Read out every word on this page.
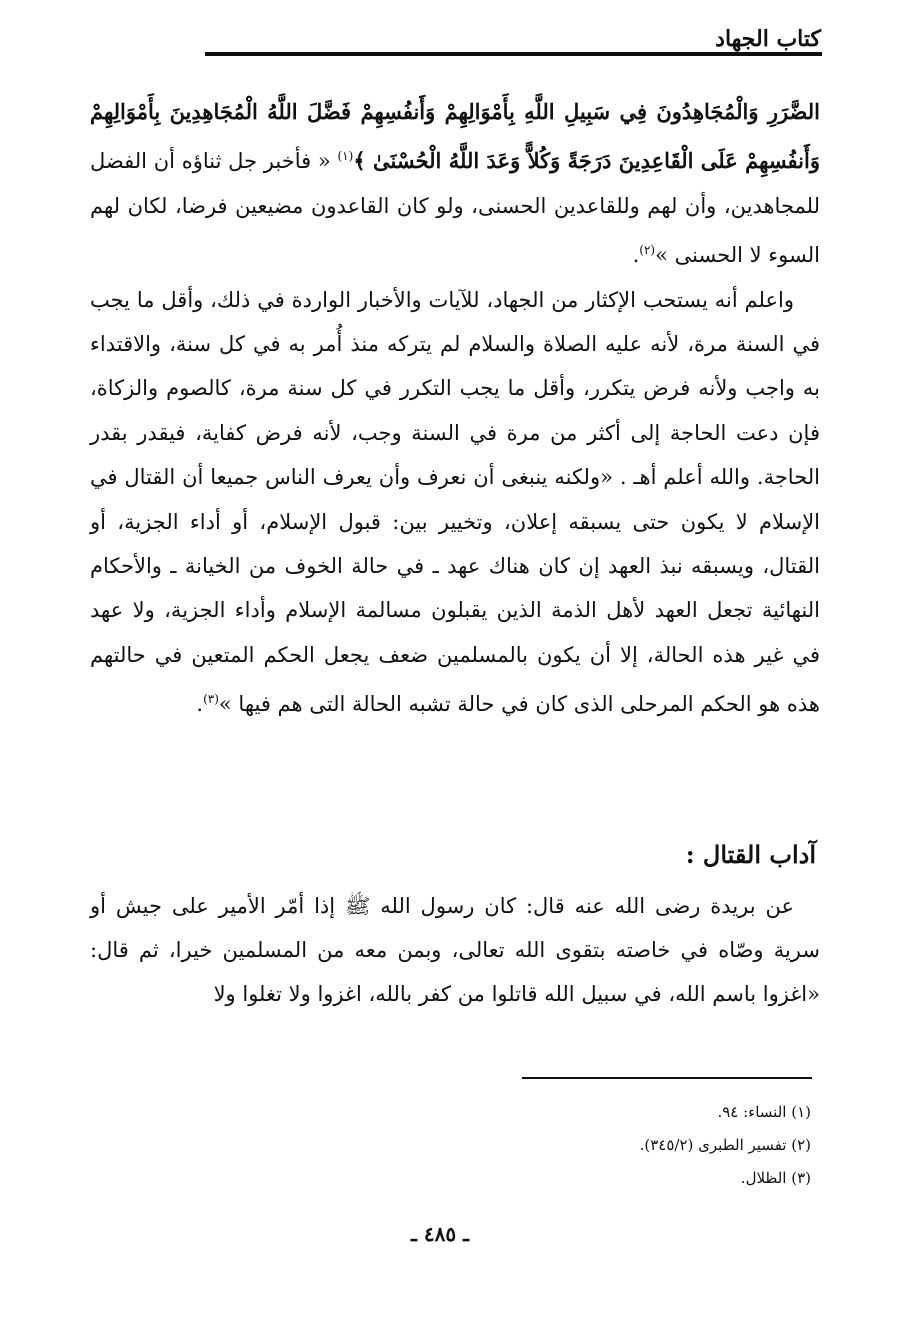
كتاب الجهاد

الضَّرَرِ وَالْمُجَاهِدُونَ فِي سَبِيلِ اللَّهِ بِأَمْوَالِهِمْ وَأَنفُسِهِمْ فَضَّلَ اللَّهُ الْمُجَاهِدِينَ بِأَمْوَالِهِمْ وَأَنفُسِهِمْ عَلَى الْقَاعِدِينَ دَرَجَةً وَكُلاًّ وَعَدَ اللَّهُ الْحُسْنَىٰ ﴾$^{(١)}$ « فأخبر جل ثناؤه أن الفضل للمجاهدين، وأن لهم وللقاعدين الحسنى، ولو كان القاعدون مضيعين فرضا، لكان لهم السوء لا الحسنى »$^{(٢)}$.

واعلم أنه يستحب الإكثار من الجهاد، للآيات والأخبار الواردة في ذلك، وأقل ما يجب في السنة مرة، لأنه عليه الصلاة والسلام لم يتركه منذ أُمر به في كل سنة، والاقتداء به واجب ولأنه فرض يتكرر، وأقل ما يجب التكرر في كل سنة مرة، كالصوم والزكاة، فإن دعت الحاجة إلى أكثر من مرة في السنة وجب، لأنه فرض كفاية، فيقدر بقدر الحاجة. والله أعلم أهـ . «ولكنه ينبغى أن نعرف وأن يعرف الناس جميعا أن القتال في الإسلام لا يكون حتى يسبقه إعلان، وتخيير بين: قبول الإسلام، أو أداء الجزية، أو القتال، ويسبقه نبذ العهد إن كان هناك عهد ـ في حالة الخوف من الخيانة ـ والأحكام النهائية تجعل العهد لأهل الذمة الذين يقبلون مسالمة الإسلام وأداء الجزية، ولا عهد في غير هذه الحالة، إلا أن يكون بالمسلمين ضعف يجعل الحكم المتعين في حالتهم هذه هو الحكم المرحلى الذى كان في حالة تشبه الحالة التى هم فيها »$^{(٣)}$.

آداب القتال :

عن بريدة رضى الله عنه قال: كان رسول الله ﷺ إذا أمّر الأمير على جيش أو سرية وصّاه في خاصته بتقوى الله تعالى، وبمن معه من المسلمين خيرا، ثم قال: «اغزوا باسم الله، في سبيل الله قاتلوا من كفر بالله، اغزوا ولا تغلوا ولا

(١) النساء: ٩٤.
(٢) تفسير الطبرى (٣٤٥/٢).
(٣) الظلال.
ـ ٤٨٥ ـ
